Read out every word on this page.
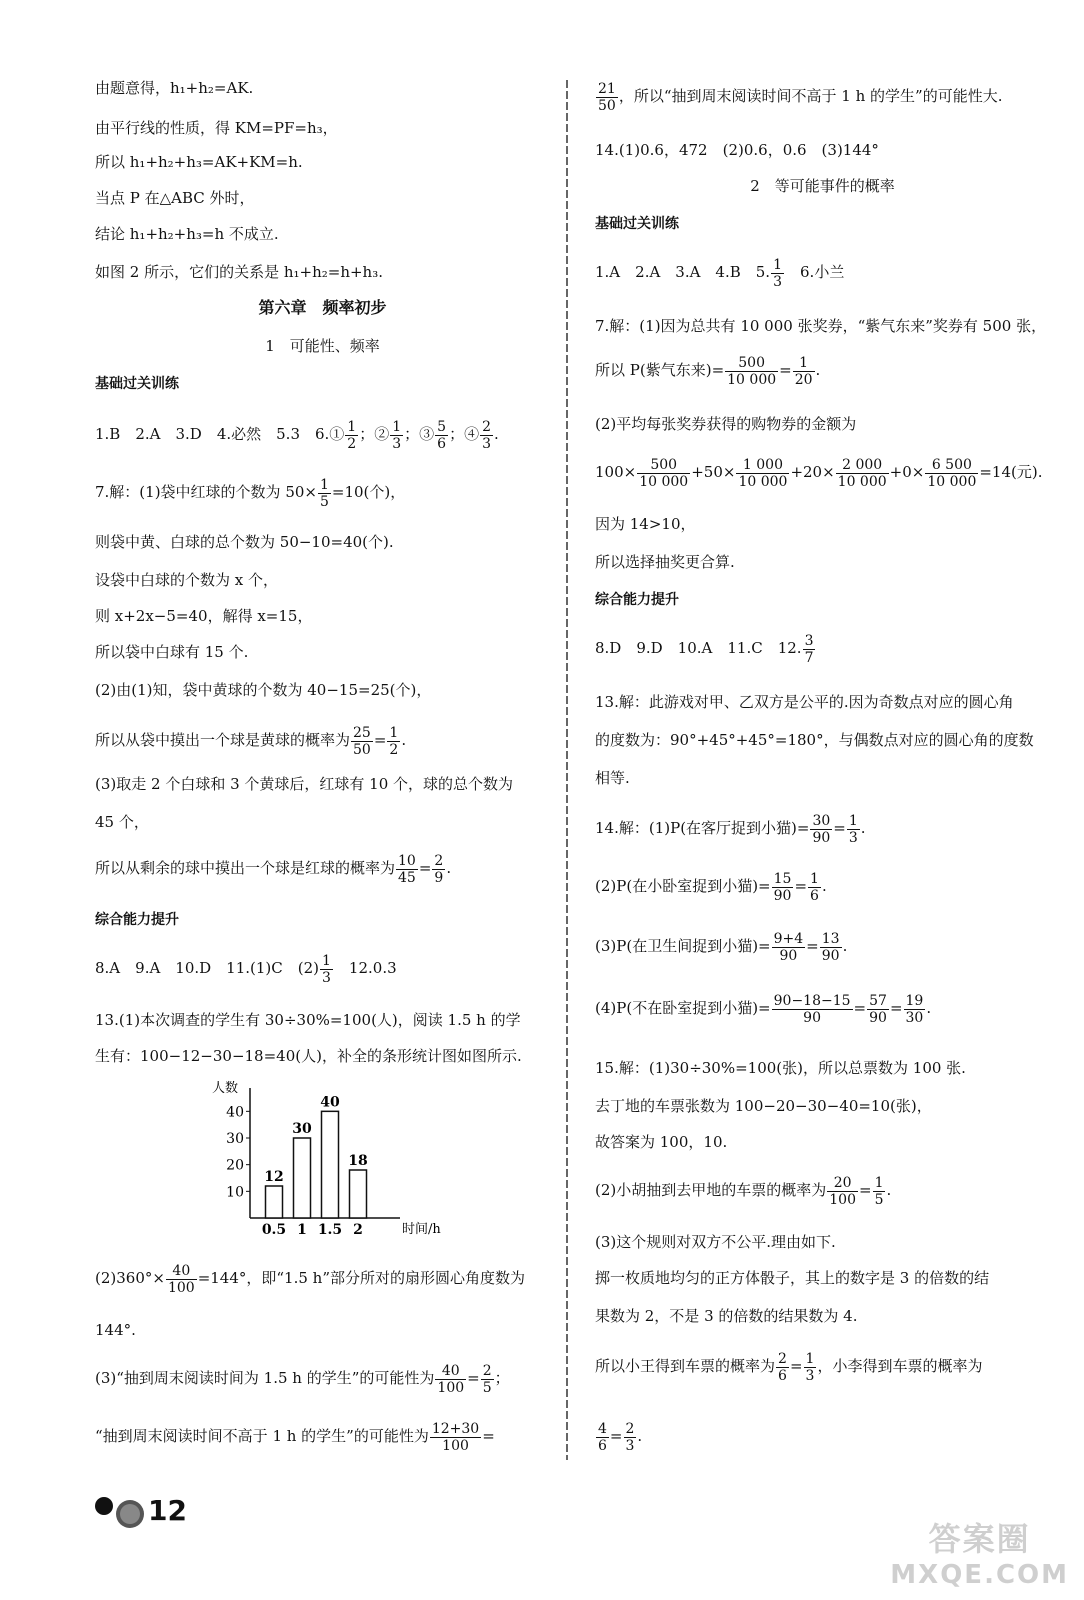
由题意得，h₁+h₂=AK.
由平行线的性质，得 KM=PF=h₃，
所以 h₁+h₂+h₃=AK+KM=h.
当点 P 在△ABC 外时，
结论 h₁+h₂+h₃=h 不成立.
如图 2 所示，它们的关系是 h₁+h₂=h+h₃.
第六章　频率初步
1　可能性、频率
基础过关训练
1.B　2.A　3.D　4.必然　5.3　6.① $\frac{1}{2}$ ；② $\frac{1}{3}$ ；③ $\frac{5}{6}$ ；④ $\frac{2}{3}$ .
7.解：(1)袋中红球的个数为 $50\times \frac{1}{5} =10$(个)，
则袋中黄、白球的总个数为 50−10=40(个).
设袋中白球的个数为 x 个，
则 x+2x−5=40，解得 x=15，
所以袋中白球有 15 个.
(2)由(1)知，袋中黄球的个数为 40−15=25(个)，
所以从袋中摸出一个球是黄球的概率为 $\frac{25}{50} = \frac{1}{2}$ .
(3)取走 2 个白球和 3 个黄球后，红球有 10 个，球的总个数为
45 个，
所以从剩余的球中摸出一个球是红球的概率为 $\frac{10}{45} = \frac{2}{9}$ .
综合能力提升
8.A　9.A　10.D　11.(1)C　$(2) \frac{1}{3}$ 　12.0.3
13.(1)本次调查的学生有 30÷30%=100(人)，阅读 1.5 h 的学
生有：100−12−30−18=40(人)，补全的条形统计图如图所示.
人数
时间/h
10
20
30
40
12
0.5
30
1
40
1.5
18
2
$(2)360^\circ\times \frac{40}{100} =144^\circ$，即“1.5 h”部分所对的扇形圆心角度数为
144°.
(3)“抽到周末阅读时间为 1.5 h 的学生”的可能性为 $\frac{40}{100} = \frac{2}{5}$ ；
“抽到周末阅读时间不高于 1 h 的学生”的可能性为 $\frac{12+30}{100}$ =
$\frac{21}{50}$ ，所以“抽到周末阅读时间不高于 1 h 的学生”的可能性大.
14.(1)0.6，472　(2)0.6，0.6　(3)144°
2　等可能事件的概率
基础过关训练
1.A　2.A　3.A　4.B　5. $\frac{1}{3}$ 　6.小兰
7.解：(1)因为总共有 10 000 张奖券，“紫气东来”奖券有 500 张，
所以 P(紫气东来)= $\frac{500}{10 000} = \frac{1}{20}$ .
(2)平均每张奖券获得的购物券的金额为
$100\times \frac{500}{10 000} +50\times \frac{1 000}{10 000} +20\times \frac{2 000}{10 000} +0\times \frac{6 500}{10 000} =14$(元).
因为 14>10，
所以选择抽奖更合算.
综合能力提升
8.D　9.D　10.A　11.C　12. $\frac{3}{7}$
13.解：此游戏对甲、乙双方是公平的.因为奇数点对应的圆心角
的度数为：90°+45°+45°=180°，与偶数点对应的圆心角的度数
相等.
14.解：(1)P(在客厅捉到小猫)= $\frac{30}{90} = \frac{1}{3}$ .
(2)P(在小卧室捉到小猫)= $\frac{15}{90} = \frac{1}{6}$ .
(3)P(在卫生间捉到小猫)= $\frac{9+4}{90} = \frac{13}{90}$ .
(4)P(不在卧室捉到小猫)= $\frac{90-18-15}{90} = \frac{57}{90} = \frac{19}{30}$ .
15.解：(1)30÷30%=100(张)，所以总票数为 100 张.
去丁地的车票张数为 100−20−30−40=10(张)，
故答案为 100，10.
(2)小胡抽到去甲地的车票的概率为 $\frac{20}{100} = \frac{1}{5}$ .
(3)这个规则对双方不公平.理由如下.
掷一枚质地均匀的正方体骰子，其上的数字是 3 的倍数的结
果数为 2，不是 3 的倍数的结果数为 4.
所以小王得到车票的概率为 $\frac{2}{6} = \frac{1}{3}$ ，小李得到车票的概率为
$\frac{4}{6} = \frac{2}{3}$ .
12
答案圈
MXQE.COM
